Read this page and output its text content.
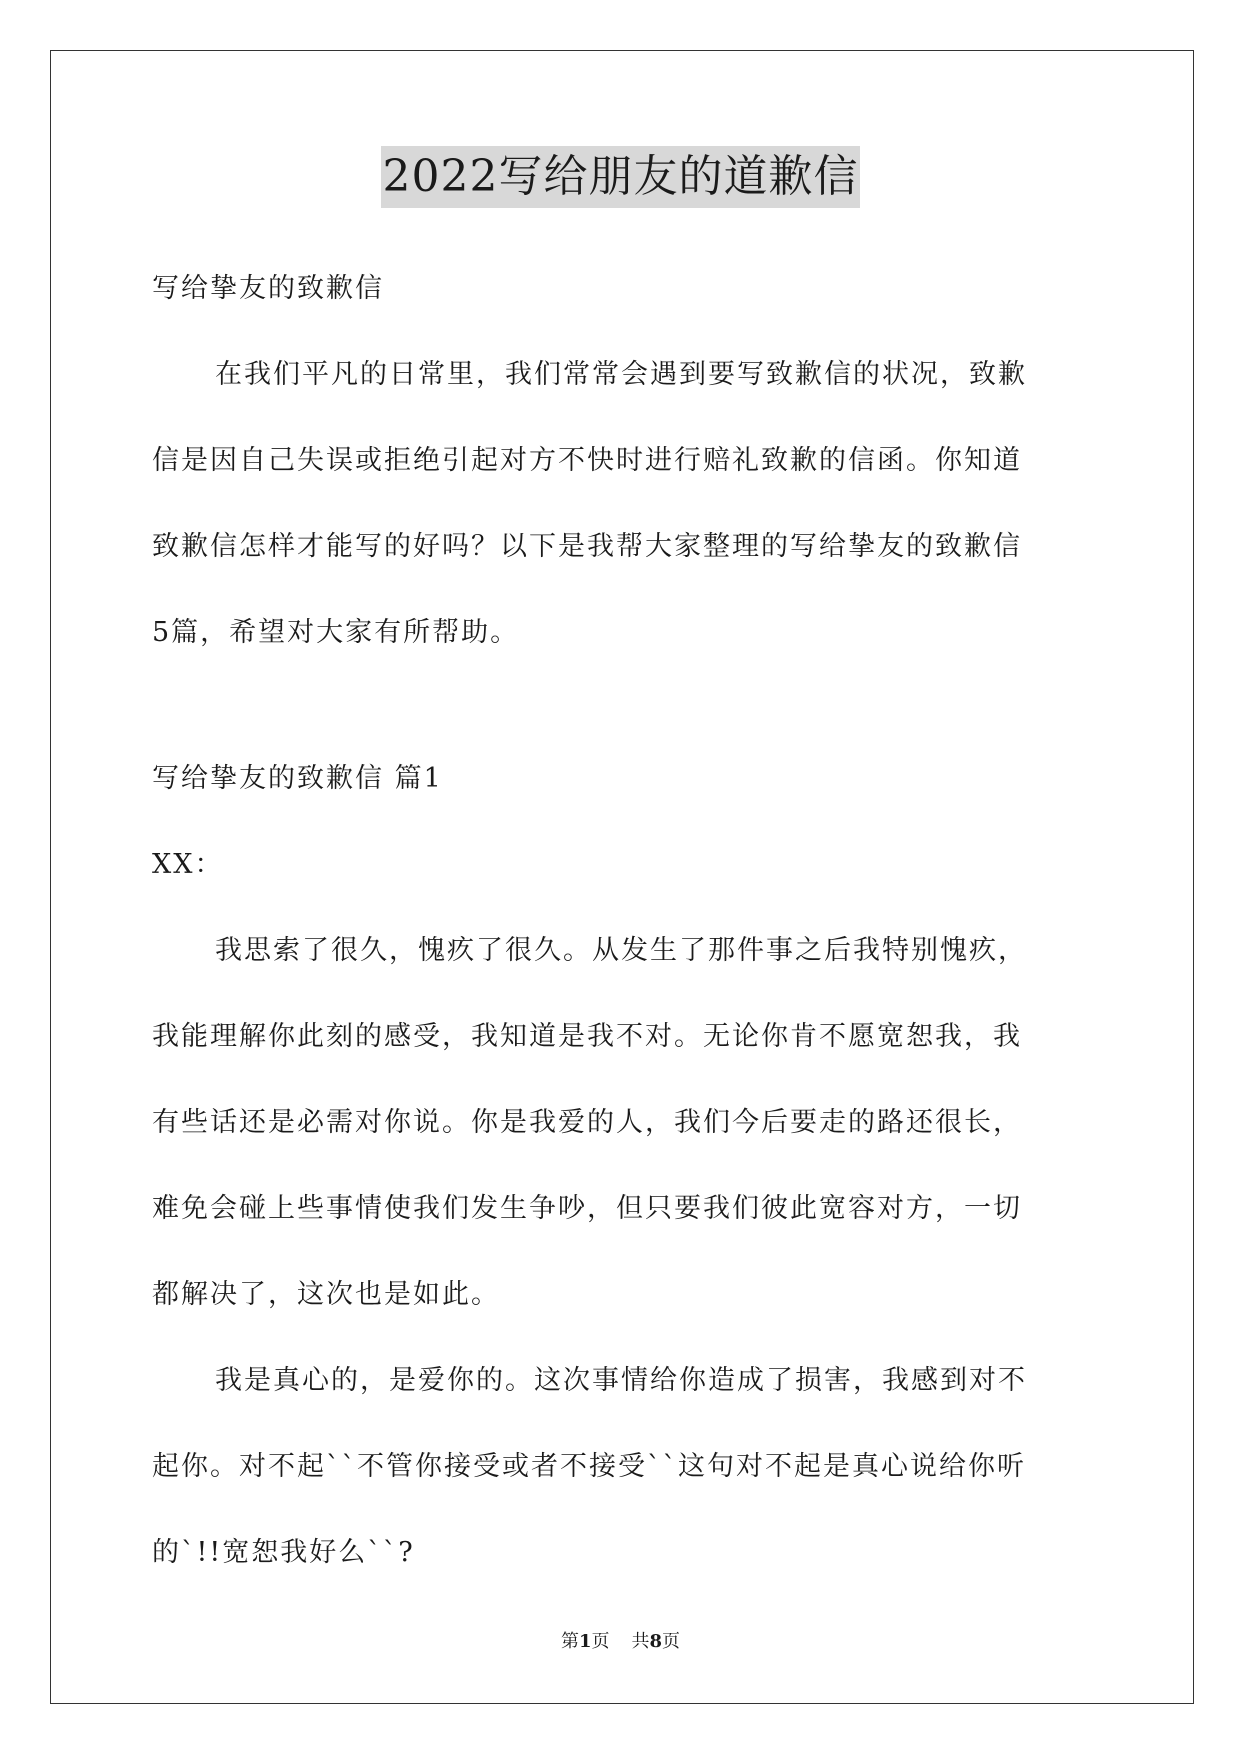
2022写给朋友的道歉信
写给挚友的致歉信
在我们平凡的日常里，我们常常会遇到要写致歉信的状况，致歉
信是因自己失误或拒绝引起对方不快时进行赔礼致歉的信函。你知道
致歉信怎样才能写的好吗？以下是我帮大家整理的写给挚友的致歉信
5篇，希望对大家有所帮助。
写给挚友的致歉信 篇1
XX：
我思索了很久，愧疚了很久。从发生了那件事之后我特别愧疚，
我能理解你此刻的感受，我知道是我不对。无论你肯不愿宽恕我，我
有些话还是必需对你说。你是我爱的人，我们今后要走的路还很长，
难免会碰上些事情使我们发生争吵，但只要我们彼此宽容对方，一切
都解决了，这次也是如此。
我是真心的，是爱你的。这次事情给你造成了损害，我感到对不
起你。对不起``不管你接受或者不接受``这句对不起是真心说给你听
的`!!宽恕我好么``?
第1页 共8页
